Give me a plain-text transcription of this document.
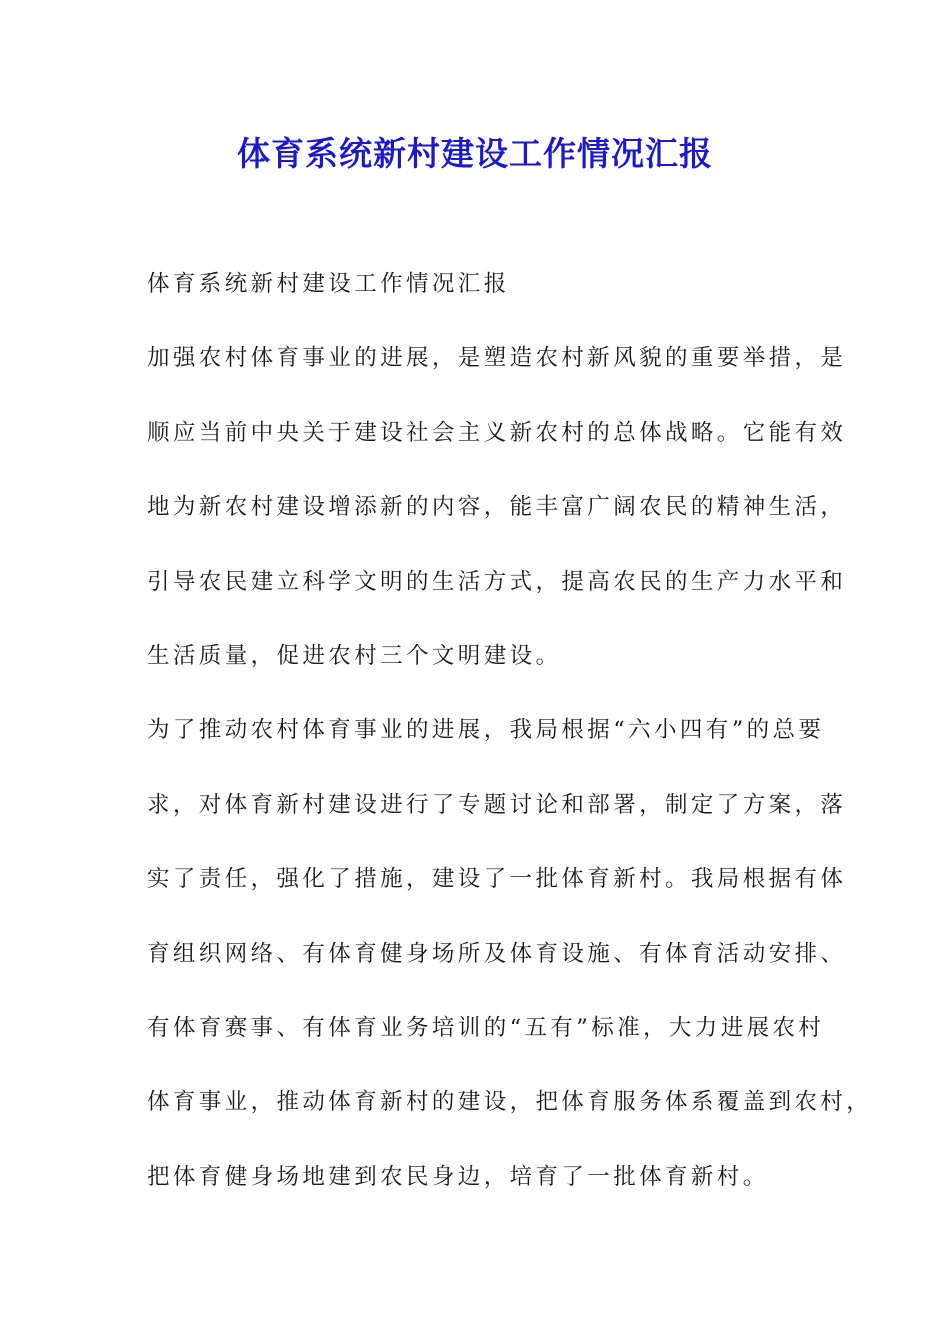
体育系统新村建设工作情况汇报

体育系统新村建设工作情况汇报

加强农村体育事业的进展，是塑造农村新风貌的重要举措，是

顺应当前中央关于建设社会主义新农村的总体战略。它能有效

地为新农村建设增添新的内容，能丰富广阔农民的精神生活，

引导农民建立科学文明的生活方式，提高农民的生产力水平和

生活质量，促进农村三个文明建设。

为了推动农村体育事业的进展，我局根据“六小四有”的总要

求，对体育新村建设进行了专题讨论和部署，制定了方案，落

实了责任，强化了措施，建设了一批体育新村。我局根据有体

育组织网络、有体育健身场所及体育设施、有体育活动安排、

有体育赛事、有体育业务培训的“五有”标准，大力进展农村

体育事业，推动体育新村的建设，把体育服务体系覆盖到农村，

把体育健身场地建到农民身边，培育了一批体育新村。
